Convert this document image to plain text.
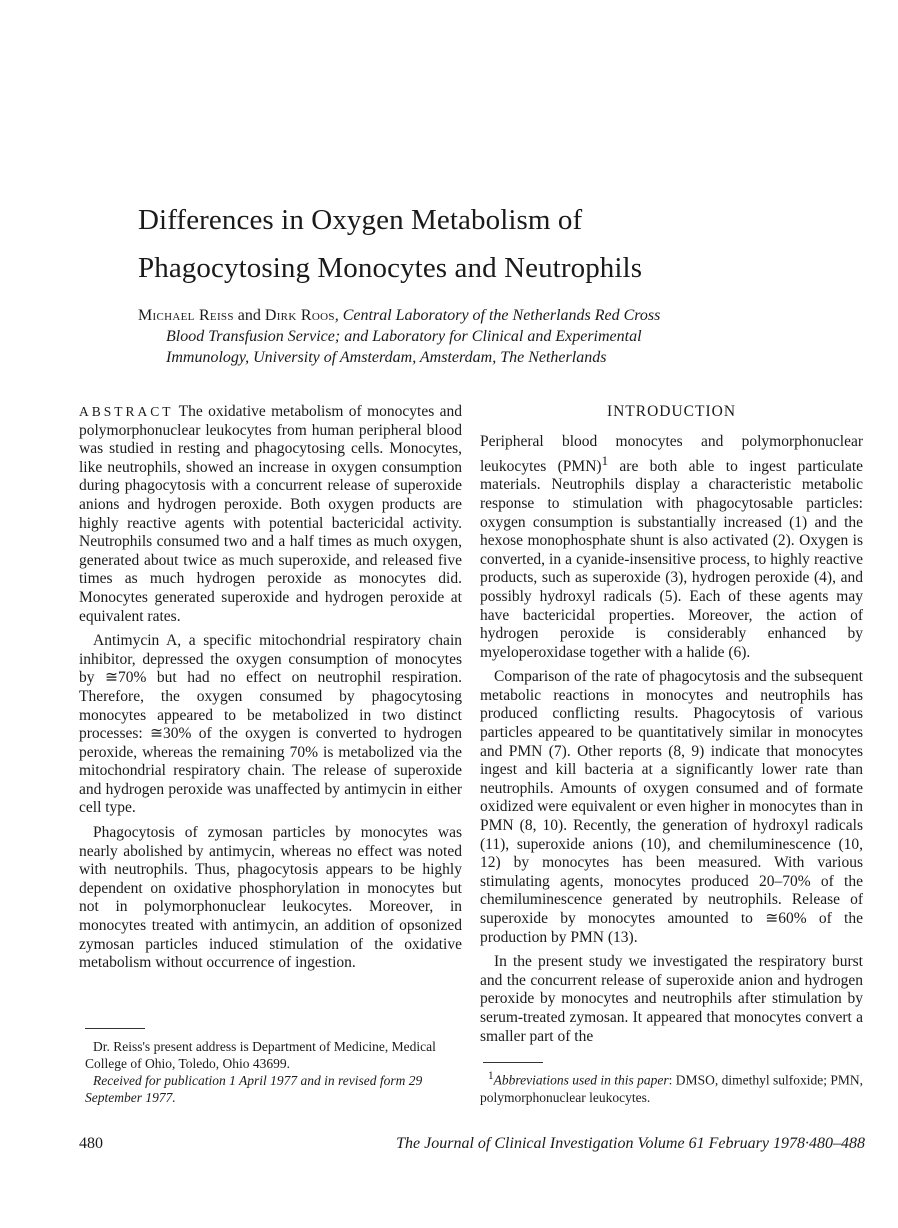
Differences in Oxygen Metabolism of
Phagocytosing Monocytes and Neutrophils
Michael Reiss and Dirk Roos, Central Laboratory of the Netherlands Red Cross
Blood Transfusion Service; and Laboratory for Clinical and Experimental
Immunology, University of Amsterdam, Amsterdam, The Netherlands

ABSTRACT The oxidative metabolism of monocytes and polymorphonuclear leukocytes from human peripheral blood was studied in resting and phagocytosing cells. Monocytes, like neutrophils, showed an increase in oxygen consumption during phagocytosis with a concurrent release of superoxide anions and hydrogen peroxide. Both oxygen products are highly reactive agents with potential bactericidal activity. Neutrophils consumed two and a half times as much oxygen, generated about twice as much superoxide, and released five times as much hydrogen peroxide as monocytes did. Monocytes generated superoxide and hydrogen peroxide at equivalent rates.

Antimycin A, a specific mitochondrial respiratory chain inhibitor, depressed the oxygen consumption of monocytes by ≅70% but had no effect on neutrophil respiration. Therefore, the oxygen consumed by phagocytosing monocytes appeared to be metabolized in two distinct processes: ≅30% of the oxygen is converted to hydrogen peroxide, whereas the remaining 70% is metabolized via the mitochondrial respiratory chain. The release of superoxide and hydrogen peroxide was unaffected by antimycin in either cell type.

Phagocytosis of zymosan particles by monocytes was nearly abolished by antimycin, whereas no effect was noted with neutrophils. Thus, phagocytosis appears to be highly dependent on oxidative phosphorylation in monocytes but not in polymorphonuclear leukocytes. Moreover, in monocytes treated with antimycin, an addition of opsonized zymosan particles induced stimulation of the oxidative metabolism without occurrence of ingestion.

Dr. Reiss's present address is Department of Medicine, Medical College of Ohio, Toledo, Ohio 43699.

Received for publication 1 April 1977 and in revised form 29 September 1977.

INTRODUCTION

Peripheral blood monocytes and polymorphonuclear leukocytes (PMN)$^1$ are both able to ingest particulate materials. Neutrophils display a characteristic metabolic response to stimulation with phagocytosable particles: oxygen consumption is substantially increased (1) and the hexose monophosphate shunt is also activated (2). Oxygen is converted, in a cyanide-insensitive process, to highly reactive products, such as superoxide (3), hydrogen peroxide (4), and possibly hydroxyl radicals (5). Each of these agents may have bactericidal properties. Moreover, the action of hydrogen peroxide is considerably enhanced by myeloperoxidase together with a halide (6).

Comparison of the rate of phagocytosis and the subsequent metabolic reactions in monocytes and neutrophils has produced conflicting results. Phagocytosis of various particles appeared to be quantitatively similar in monocytes and PMN (7). Other reports (8, 9) indicate that monocytes ingest and kill bacteria at a significantly lower rate than neutrophils. Amounts of oxygen consumed and of formate oxidized were equivalent or even higher in monocytes than in PMN (8, 10). Recently, the generation of hydroxyl radicals (11), superoxide anions (10), and chemiluminescence (10, 12) by monocytes has been measured. With various stimulating agents, monocytes produced 20–70% of the chemiluminescence generated by neutrophils. Release of superoxide by monocytes amounted to ≅60% of the production by PMN (13).

In the present study we investigated the respiratory burst and the concurrent release of superoxide anion and hydrogen peroxide by monocytes and neutrophils after stimulation by serum-treated zymosan. It appeared that monocytes convert a smaller part of the

$^1$Abbreviations used in this paper: DMSO, dimethyl sulfoxide; PMN, polymorphonuclear leukocytes.

480	The Journal of Clinical Investigation Volume 61 February 1978·480–488
